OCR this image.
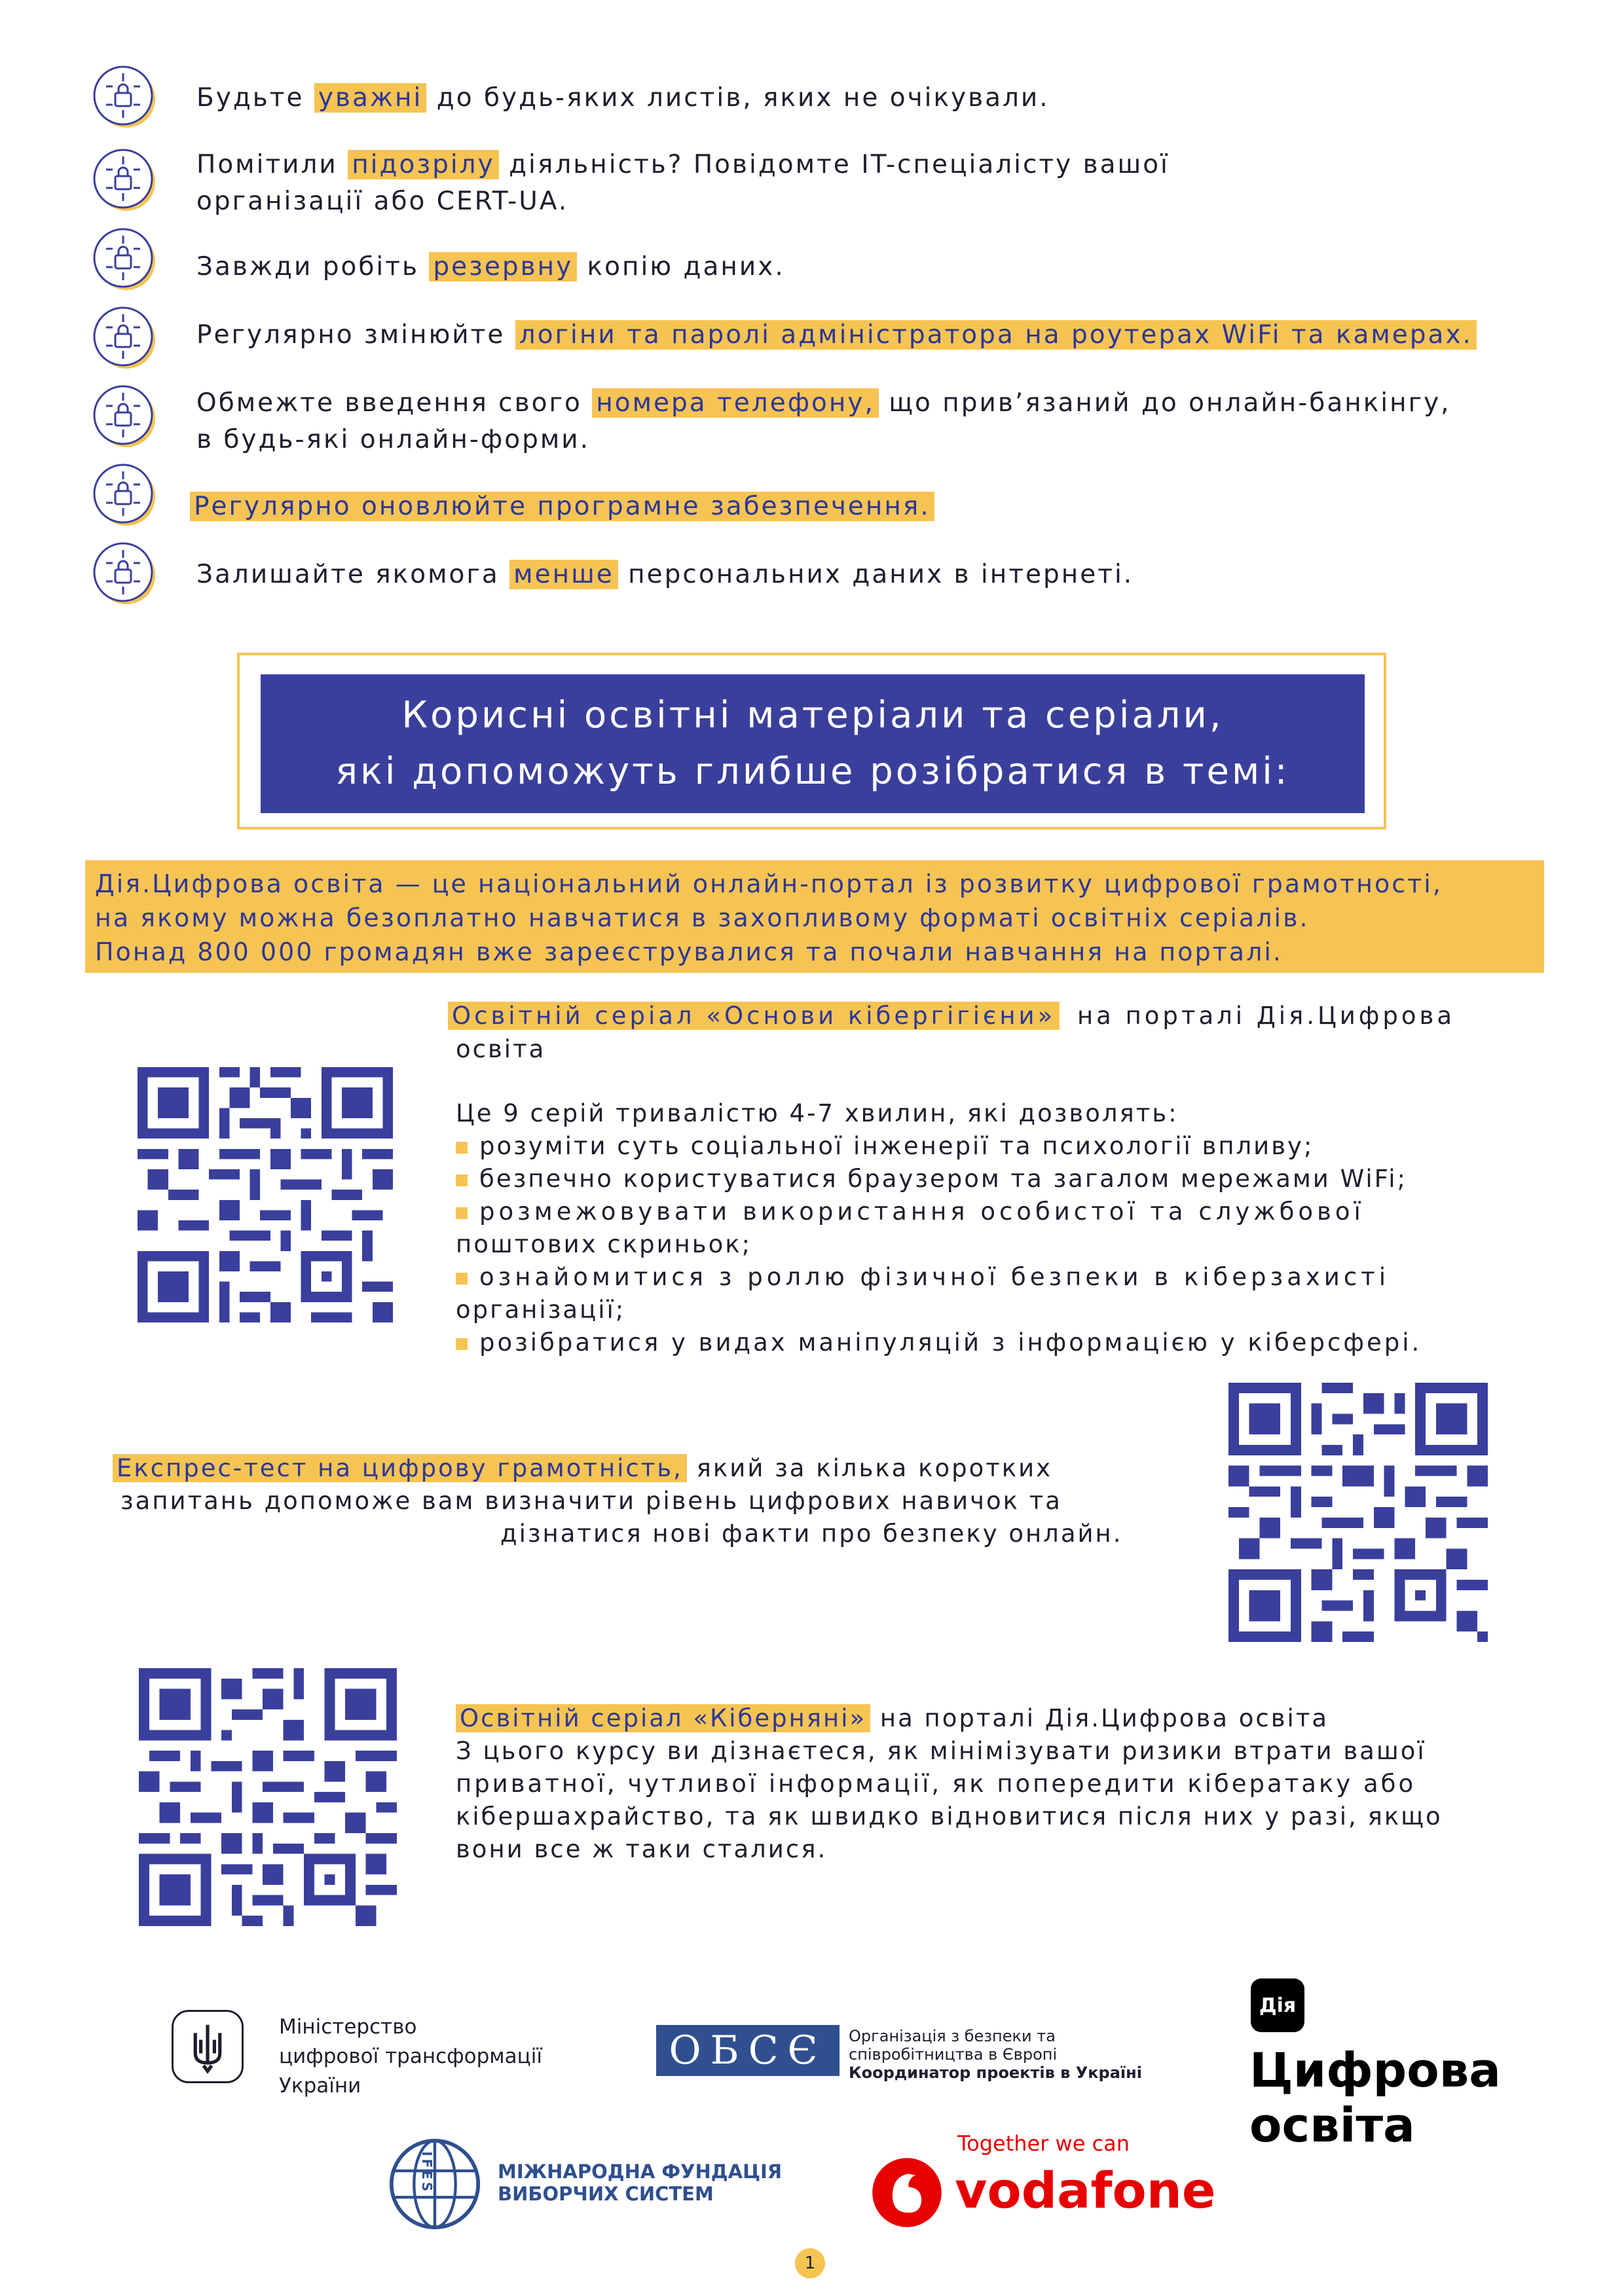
Будьте уважні до будь-яких листів, яких не очікували.
Помітили підозрілу діяльність? Повідомте IT-спеціалісту вашої
організації або CERT-UA.
Завжди робіть резервну копію даних.
Регулярно змінюйте логіни та паролі адміністратора на роутерах WiFi та камерах.
Обмежте введення свого номера телефону, що прив’язаний до онлайн-банкінгу,
в будь-які онлайн-форми.
Регулярно оновлюйте програмне забезпечення.
Залишайте якомога менше персональних даних в інтернеті.
Корисні освітні матеріали та серіали,
які допоможуть глибше розібратися в темі:
Дія.Цифрова освіта — це національний онлайн-портал із розвитку цифрової грамотності,
на якому можна безоплатно навчатися в захопливому форматі освітніх серіалів.
Понад 800 000 громадян вже зареєструвалися та почали навчання на порталі.
Освітній серіал «Основи кібергігієни» на порталі Дія.Цифрова
освіта
Це 9 серій тривалістю 4-7 хвилин, які дозволять:
розуміти суть соціальної інженерії та психології впливу;
безпечно користуватися браузером та загалом мережами WiFi;
розмежовувати використання особистої та службової
поштових скриньок;
ознайомитися з роллю фізичної безпеки в кіберзахисті
організації;
розібратися у видах маніпуляцій з інформацією у кіберсфері.
Експрес-тест на цифрову грамотність, який за кілька коротких
запитань допоможе вам визначити рівень цифрових навичок та
дізнатися нові факти про безпеку онлайн.
Освітній серіал «Кіберняні» на порталі Дія.Цифрова освіта
З цього курсу ви дізнаєтеся, як мінімізувати ризики втрати вашої
приватної, чутливої інформації, як попередити кібератаку або
кібершахрайство, та як швидко відновитися після них у разі, якщо
вони все ж таки сталися.
Міністерство
цифрової трансформації
України
ОБСЄ Організація з безпеки та
співробітництва в Європі
Координатор проектів в Україні
Дія
Цифрова
освіта
IFES	МІЖНАРОДНА ФУНДАЦІЯ
ВИБОРЧИХ СИСТЕМ
Together we can
vodafone
1
